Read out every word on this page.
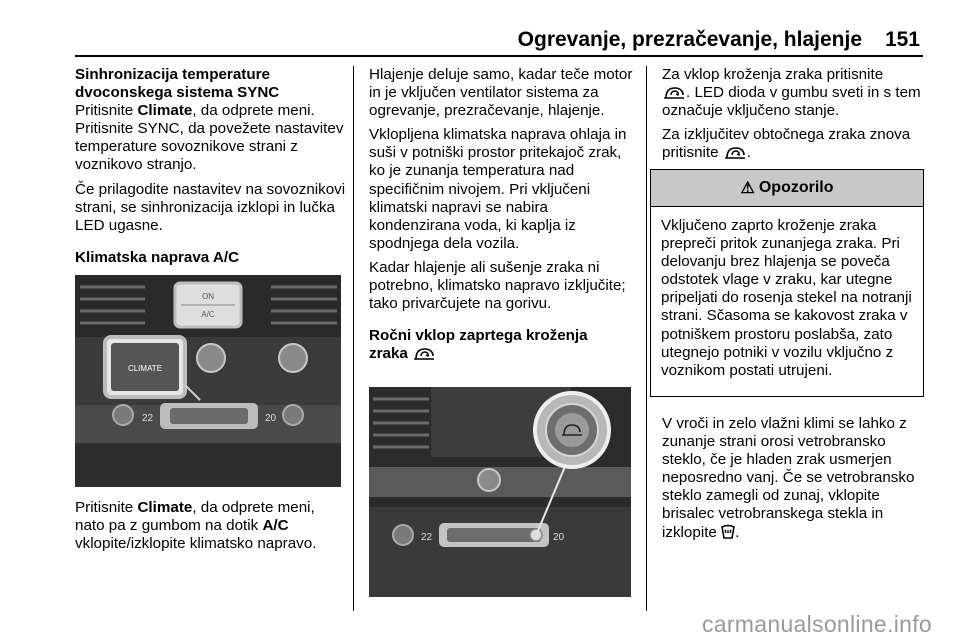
Ogrevanje, prezračevanje, hlajenje 151

Sinhronizacija temperature

dvoconskega sistema SYNC

Pritisnite Climate, da odprete meni.

Pritisnite SYNC, da povežete nastavitev temperature sovoznikove strani z voznikovo stranjo.

Če prilagodite nastavitev na sovoznikovi strani, se sinhronizacija izklopi in lučka LED ugasne.

Klimatska naprava A/C

ON
A/C
CLIMATE
22	20

Pritisnite Climate, da odprete meni, nato pa z gumbom na dotik A/C vklopite/izklopite klimatsko napravo.

Hlajenje deluje samo, kadar teče motor in je vključen ventilator sistema za ogrevanje, prezračevanje, hlajenje.

Vklopljena klimatska naprava ohlaja in suši v potniški prostor pritekajoč zrak, ko je zunanja temperatura nad specifičnim nivojem. Pri vključeni klimatski napravi se nabira kondenzirana voda, ki kaplja iz spodnjega dela vozila.

Kadar hlajenje ali sušenje zraka ni potrebno, klimatsko napravo izključite; tako privarčujete na gorivu.

Ročni vklop zaprtega kroženja

zraka

22	20

Za vklop kroženja zraka pritisnite
. LED dioda v gumbu sveti in s tem označuje vključeno stanje.

Za izključitev obtočnega zraka znova pritisnite .

⚠ Opozorilo
Vključeno zaprto kroženje zraka prepreči pritok zunanjega zraka. Pri delovanju brez hlajenja se poveča odstotek vlage v zraku, kar utegne pripeljati do rosenja stekel na notranji strani. Sčasoma se kakovost zraka v potniškem prostoru poslabša, zato utegnejo potniki v vozilu vključno z voznikom postati utrujeni.

V vroči in zelo vlažni klimi se lahko z zunanje strani orosi vetrobransko steklo, če je hladen zrak usmerjen neposredno vanj. Če se vetrobransko steklo zamegli od zunaj, vklopite brisalec vetrobranskega stekla in izklopite .

carmanualsonline.info
